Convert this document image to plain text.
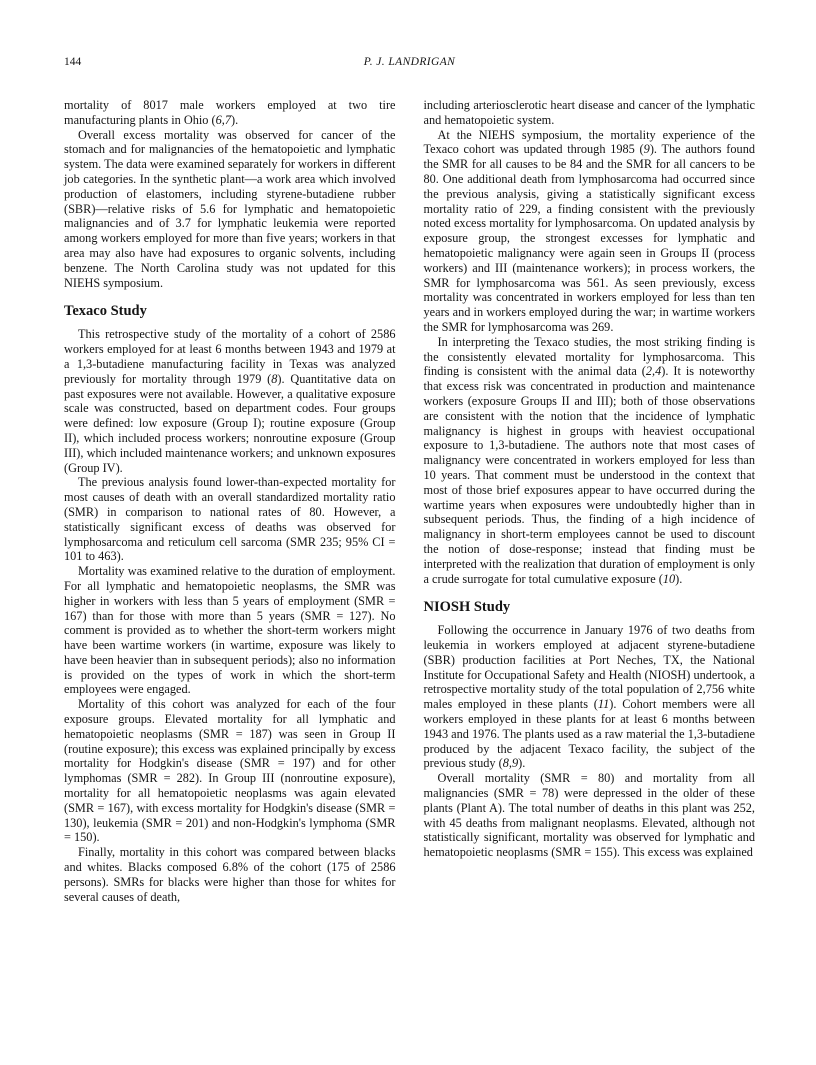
144	P. J. LANDRIGAN

mortality of 8017 male workers employed at two tire manufacturing plants in Ohio (6,7).

Overall excess mortality was observed for cancer of the stomach and for malignancies of the hematopoietic and lymphatic system. The data were examined separately for workers in different job categories. In the synthetic plant—a work area which involved production of elastomers, including styrene-butadiene rubber (SBR)—relative risks of 5.6 for lymphatic and hematopoietic malignancies and of 3.7 for lymphatic leukemia were reported among workers employed for more than five years; workers in that area may also have had exposures to organic solvents, including benzene. The North Carolina study was not updated for this NIEHS symposium.

Texaco Study

This retrospective study of the mortality of a cohort of 2586 workers employed for at least 6 months between 1943 and 1979 at a 1,3-butadiene manufacturing facility in Texas was analyzed previously for mortality through 1979 (8). Quantitative data on past exposures were not available. However, a qualitative exposure scale was constructed, based on department codes. Four groups were defined: low exposure (Group I); routine exposure (Group II), which included process workers; nonroutine exposure (Group III), which included maintenance workers; and unknown exposures (Group IV).

The previous analysis found lower-than-expected mortality for most causes of death with an overall standardized mortality ratio (SMR) in comparison to national rates of 80. However, a statistically significant excess of deaths was observed for lymphosarcoma and reticulum cell sarcoma (SMR 235; 95% CI = 101 to 463).

Mortality was examined relative to the duration of employment. For all lymphatic and hematopoietic neoplasms, the SMR was higher in workers with less than 5 years of employment (SMR = 167) than for those with more than 5 years (SMR = 127). No comment is provided as to whether the short-term workers might have been wartime workers (in wartime, exposure was likely to have been heavier than in subsequent periods); also no information is provided on the types of work in which the short-term employees were engaged.

Mortality of this cohort was analyzed for each of the four exposure groups. Elevated mortality for all lymphatic and hematopoietic neoplasms (SMR = 187) was seen in Group II (routine exposure); this excess was explained principally by excess mortality for Hodgkin's disease (SMR = 197) and for other lymphomas (SMR = 282). In Group III (nonroutine exposure), mortality for all hematopoietic neoplasms was again elevated (SMR = 167), with excess mortality for Hodgkin's disease (SMR = 130), leukemia (SMR = 201) and non-Hodgkin's lymphoma (SMR = 150).

Finally, mortality in this cohort was compared between blacks and whites. Blacks composed 6.8% of the cohort (175 of 2586 persons). SMRs for blacks were higher than those for whites for several causes of death,

including arteriosclerotic heart disease and cancer of the lymphatic and hematopoietic system.

At the NIEHS symposium, the mortality experience of the Texaco cohort was updated through 1985 (9). The authors found the SMR for all causes to be 84 and the SMR for all cancers to be 80. One additional death from lymphosarcoma had occurred since the previous analysis, giving a statistically significant excess mortality ratio of 229, a finding consistent with the previously noted excess mortality for lymphosarcoma. On updated analysis by exposure group, the strongest excesses for lymphatic and hematopoietic malignancy were again seen in Groups II (process workers) and III (maintenance workers); in process workers, the SMR for lymphosarcoma was 561. As seen previously, excess mortality was concentrated in workers employed for less than ten years and in workers employed during the war; in wartime workers the SMR for lymphosarcoma was 269.

In interpreting the Texaco studies, the most striking finding is the consistently elevated mortality for lymphosarcoma. This finding is consistent with the animal data (2,4). It is noteworthy that excess risk was concentrated in production and maintenance workers (exposure Groups II and III); both of those observations are consistent with the notion that the incidence of lymphatic malignancy is highest in groups with heaviest occupational exposure to 1,3-butadiene. The authors note that most cases of malignancy were concentrated in workers employed for less than 10 years. That comment must be understood in the context that most of those brief exposures appear to have occurred during the wartime years when exposures were undoubtedly higher than in subsequent periods. Thus, the finding of a high incidence of malignancy in short-term employees cannot be used to discount the notion of dose-response; instead that finding must be interpreted with the realization that duration of employment is only a crude surrogate for total cumulative exposure (10).

NIOSH Study

Following the occurrence in January 1976 of two deaths from leukemia in workers employed at adjacent styrene-butadiene (SBR) production facilities at Port Neches, TX, the National Institute for Occupational Safety and Health (NIOSH) undertook, a retrospective mortality study of the total population of 2,756 white males employed in these plants (11). Cohort members were all workers employed in these plants for at least 6 months between 1943 and 1976. The plants used as a raw material the 1,3-butadiene produced by the adjacent Texaco facility, the subject of the previous study (8,9).

Overall mortality (SMR = 80) and mortality from all malignancies (SMR = 78) were depressed in the older of these plants (Plant A). The total number of deaths in this plant was 252, with 45 deaths from malignant neoplasms. Elevated, although not statistically significant, mortality was observed for lymphatic and hematopoietic neoplasms (SMR = 155). This excess was explained
